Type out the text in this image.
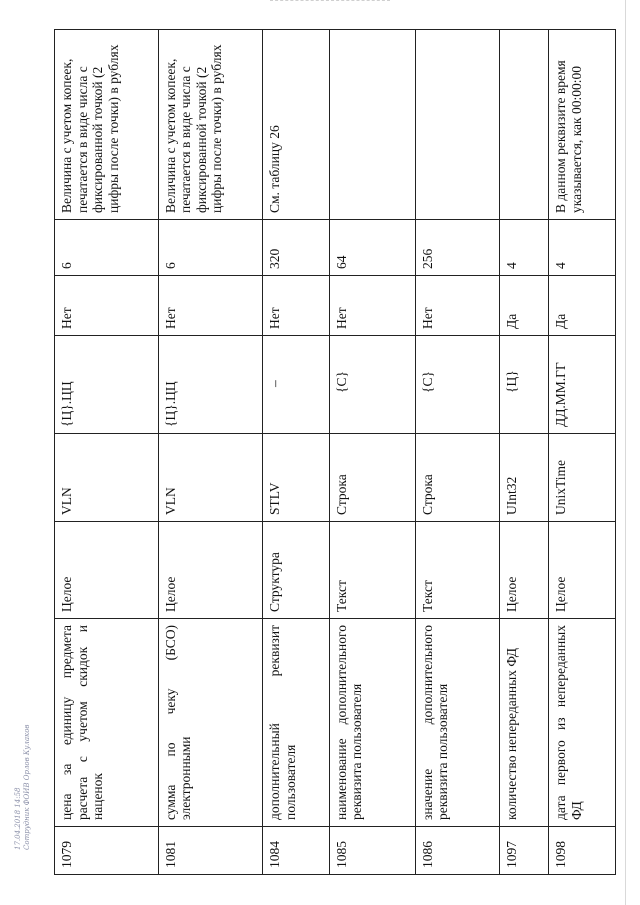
1079	цена за единицу предмета расчета с учетом скидок и наценок	Целое	VLN	{Ц}.ЦЦ	Нет	6	Величина с учетом копеек, печатается в виде числа с фиксированной точкой (2 цифры после точки) в рублях
1081	сумма по чеку (БСО) электронными	Целое	VLN	{Ц}.ЦЦ	Нет	6	Величина с учетом копеек, печатается в виде числа с фиксированной точкой (2 цифры после точки) в рублях
1084	дополнительный реквизит пользователя	Структура	STLV	–	Нет	320	См. таблицу 26
1085	наименование дополнительного реквизита пользователя	Текст	Строка	{С}	Нет	64	
1086	значение дополнительного реквизита пользователя	Текст	Строка	{С}	Нет	256	
1097	количество непереданных ФД	Целое	UInt32	{Ц}	Да	4	
1098	дата первого из непереданных ФД	Целое	UnixTime	ДД.ММ.ГГ	Да	4	В данном реквизите время указывается, как 00:00:00
17.04.2018 14:58 Сотрудник ФОИВ Орлов Кулаков
